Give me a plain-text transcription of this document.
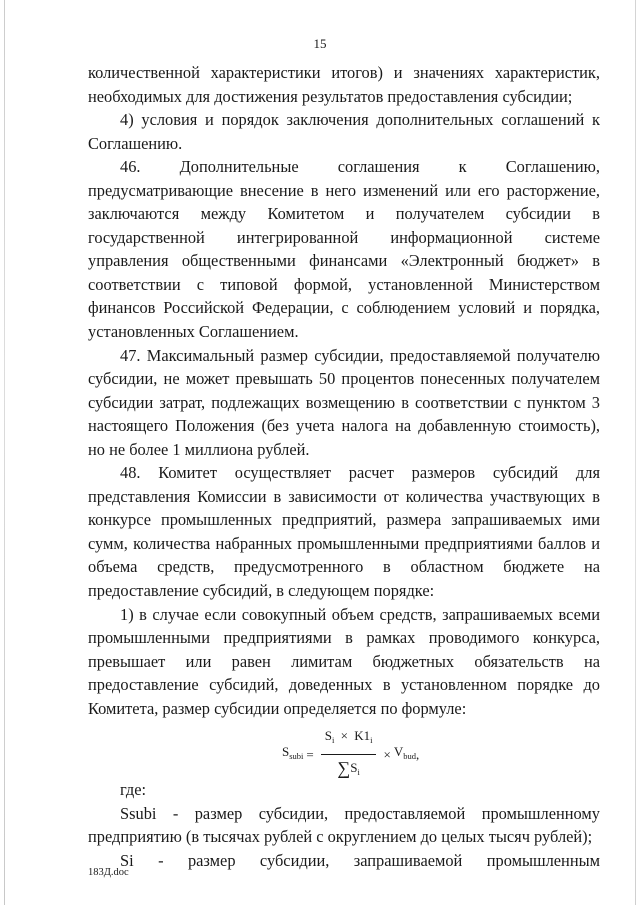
15

количественной характеристики итогов) и значениях характеристик, необходимых для достижения результатов предоставления субсидии;

4) условия и порядок заключения дополнительных соглашений к Соглашению.

46. Дополнительные соглашения к Соглашению, предусматривающие внесение в него изменений или его расторжение, заключаются между Комитетом и получателем субсидии в государственной интегрированной информационной системе управления общественными финансами «Электронный бюджет» в соответствии с типовой формой, установленной Министерством финансов Российской Федерации, с соблюдением условий и порядка, установленных Соглашением.

47. Максимальный размер субсидии, предоставляемой получателю субсидии, не может превышать 50 процентов понесенных получателем субсидии затрат, подлежащих возмещению в соответствии с пунктом 3 настоящего Положения (без учета налога на добавленную стоимость), но не более 1 миллиона рублей.

48. Комитет осуществляет расчет размеров субсидий для представления Комиссии в зависимости от количества участвующих в конкурсе промышленных предприятий, размера запрашиваемых ими сумм, количества набранных промышленными предприятиями баллов и объема средств, предусмотренного в областном бюджете на предоставление субсидий, в следующем порядке:

1) в случае если совокупный объем средств, запрашиваемых всеми промышленными предприятиями в рамках проводимого конкурса, превышает или равен лимитам бюджетных обязательств на предоставление субсидий, доведенных в установленном порядке до Комитета, размер субсидии определяется по формуле:

$S_{subi} = \frac{S_i \times K1_i}{\sum S_i} \times V_{bud}$ ,

где:

Ssubi - размер субсидии, предоставляемой промышленному предприятию (в тысячах рублей с округлением до целых тысяч рублей);

Si - размер субсидии, запрашиваемой промышленным

183Д.doc
